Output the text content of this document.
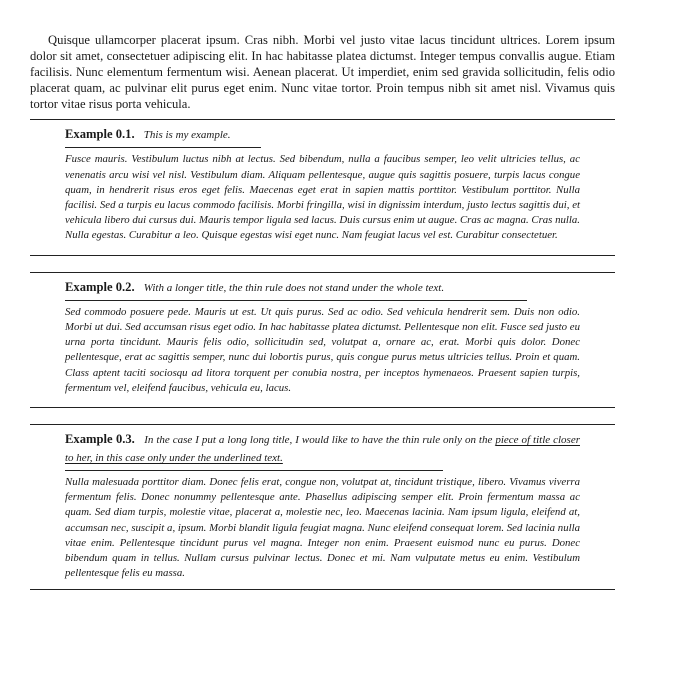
Quisque ullamcorper placerat ipsum. Cras nibh. Morbi vel justo vitae lacus tincidunt ultrices. Lorem ipsum dolor sit amet, consectetuer adipiscing elit. In hac habitasse platea dictumst. Integer tempus convallis augue. Etiam facilisis. Nunc elementum fermentum wisi. Aenean placerat. Ut imperdiet, enim sed gravida sollicitudin, felis odio placerat quam, ac pulvinar elit purus eget enim. Nunc vitae tortor. Proin tempus nibh sit amet nisl. Vivamus quis tortor vitae risus porta vehicula.

Example 0.1. This is my example.

Fusce mauris. Vestibulum luctus nibh at lectus. Sed bibendum, nulla a faucibus semper, leo velit ultricies tellus, ac venenatis arcu wisi vel nisl. Vestibulum diam. Aliquam pellentesque, augue quis sagittis posuere, turpis lacus congue quam, in hendrerit risus eros eget felis. Maecenas eget erat in sapien mattis porttitor. Vestibulum porttitor. Nulla facilisi. Sed a turpis eu lacus commodo facilisis. Morbi fringilla, wisi in dignissim interdum, justo lectus sagittis dui, et vehicula libero dui cursus dui. Mauris tempor ligula sed lacus. Duis cursus enim ut augue. Cras ac magna. Cras nulla. Nulla egestas. Curabitur a leo. Quisque egestas wisi eget nunc. Nam feugiat lacus vel est. Curabitur consectetuer.

Example 0.2. With a longer title, the thin rule does not stand under the whole text.

Sed commodo posuere pede. Mauris ut est. Ut quis purus. Sed ac odio. Sed vehicula hendrerit sem. Duis non odio. Morbi ut dui. Sed accumsan risus eget odio. In hac habitasse platea dictumst. Pellentesque non elit. Fusce sed justo eu urna porta tincidunt. Mauris felis odio, sollicitudin sed, volutpat a, ornare ac, erat. Morbi quis dolor. Donec pellentesque, erat ac sagittis semper, nunc dui lobortis purus, quis congue purus metus ultricies tellus. Proin et quam. Class aptent taciti sociosqu ad litora torquent per conubia nostra, per inceptos hymenaeos. Praesent sapien turpis, fermentum vel, eleifend faucibus, vehicula eu, lacus.

Example 0.3. In the case I put a long long title, I would like to have the thin rule only on the piece of title closer to her, in this case only under the underlined text.

Nulla malesuada porttitor diam. Donec felis erat, congue non, volutpat at, tincidunt tristique, libero. Vivamus viverra fermentum felis. Donec nonummy pellentesque ante. Phasellus adipiscing semper elit. Proin fermentum massa ac quam. Sed diam turpis, molestie vitae, placerat a, molestie nec, leo. Maecenas lacinia. Nam ipsum ligula, eleifend at, accumsan nec, suscipit a, ipsum. Morbi blandit ligula feugiat magna. Nunc eleifend consequat lorem. Sed lacinia nulla vitae enim. Pellentesque tincidunt purus vel magna. Integer non enim. Praesent euismod nunc eu purus. Donec bibendum quam in tellus. Nullam cursus pulvinar lectus. Donec et mi. Nam vulputate metus eu enim. Vestibulum pellentesque felis eu massa.
